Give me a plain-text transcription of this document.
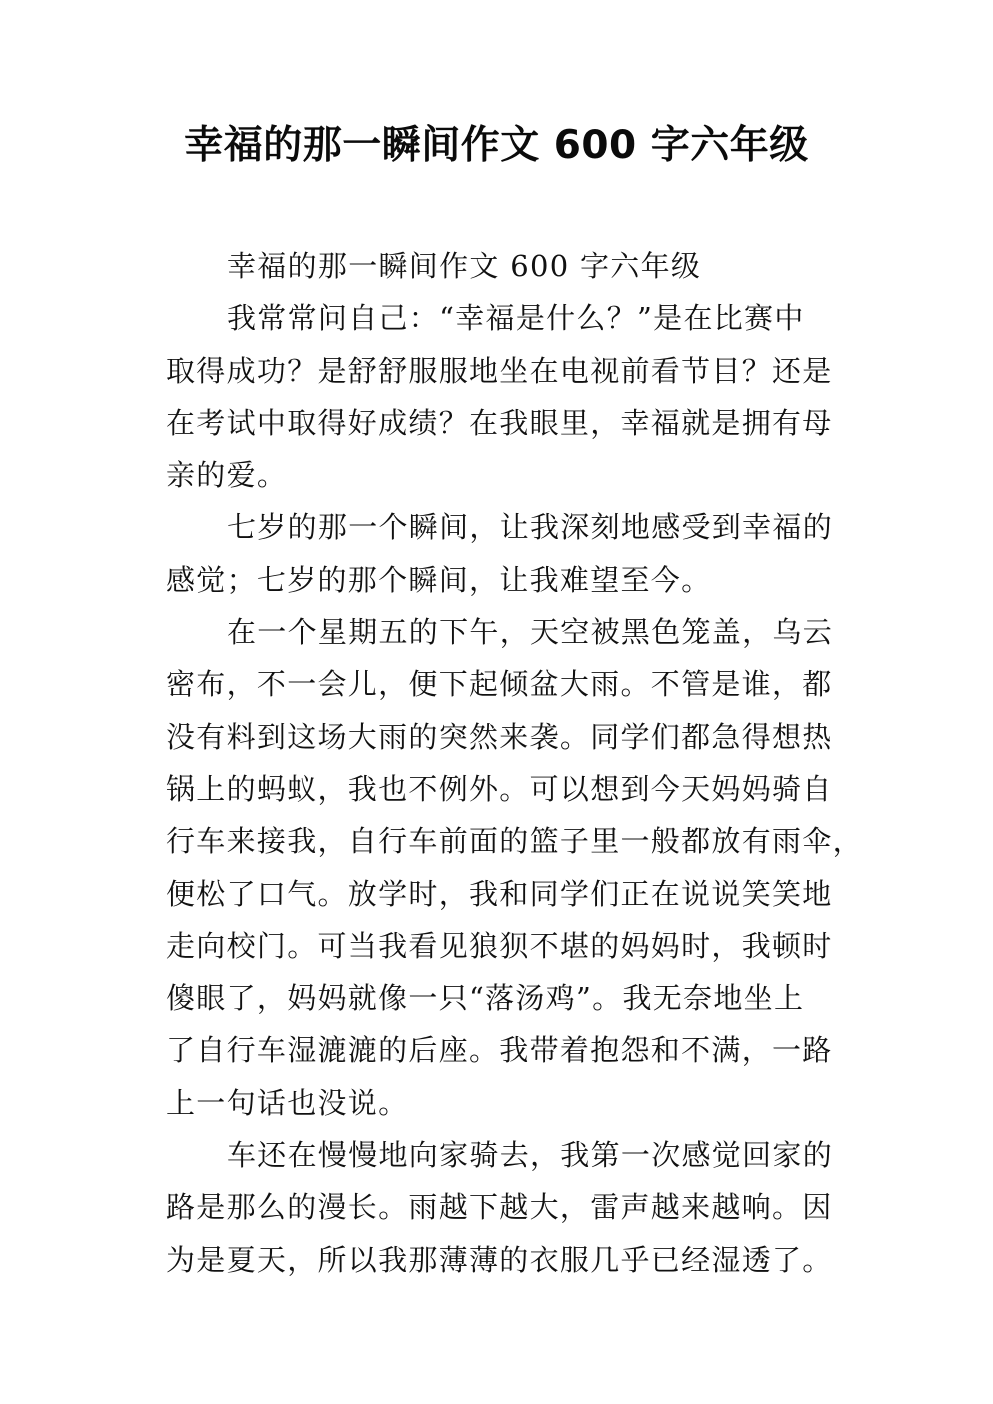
幸福的那一瞬间作文 600 字六年级
幸福的那一瞬间作文 600 字六年级
我常常问自己：“幸福是什么？”是在比赛中
取得成功？是舒舒服服地坐在电视前看节目？还是
在考试中取得好成绩？在我眼里，幸福就是拥有母
亲的爱。
七岁的那一个瞬间，让我深刻地感受到幸福的
感觉；七岁的那个瞬间，让我难望至今。
在一个星期五的下午，天空被黑色笼盖，乌云
密布，不一会儿，便下起倾盆大雨。不管是谁，都
没有料到这场大雨的突然来袭。同学们都急得想热
锅上的蚂蚁，我也不例外。可以想到今天妈妈骑自
行车来接我，自行车前面的篮子里一般都放有雨伞，
便松了口气。放学时，我和同学们正在说说笑笑地
走向校门。可当我看见狼狈不堪的妈妈时，我顿时
傻眼了，妈妈就像一只“落汤鸡”。我无奈地坐上
了自行车湿漉漉的后座。我带着抱怨和不满，一路
上一句话也没说。
车还在慢慢地向家骑去，我第一次感觉回家的
路是那么的漫长。雨越下越大，雷声越来越响。因
为是夏天，所以我那薄薄的衣服几乎已经湿透了。
